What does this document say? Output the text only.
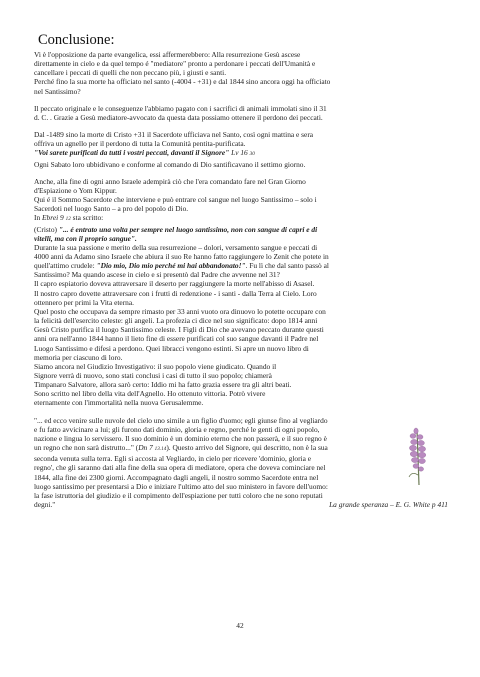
Conclusione:
Vi è l'opposizione da parte evangelica, essi affermerebbero: Alla resurrezione Gesù ascese
direttamente in cielo e da quel tempo é "mediatore" pronto a perdonare i peccati dell'Umanità e
cancellare i peccati di quelli che non peccano più, i giusti e santi.
Perché fino la sua morte ha officiato nel santo (-4004 - +31) e dal 1844 sino ancora oggi ha officiato
nel Santissimo?
Il peccato originale e le conseguenze l'abbiamo pagato con i sacrifici di animali immolati sino il 31
d. C. . Grazie a Gesù mediatore-avvocato da questa data possiamo ottenere il perdono dei peccati.
Dal -1489 sino la morte di Cristo +31 il Sacerdote ufficiava nel Santo, così ogni mattina e sera
offriva un agnello per il perdono di tutta la Comunità pentita-purificata.
"Voi sarete purificati da tutti i vostri peccati, davanti il Signore" Lv 16 30
Ogni Sabato loro ubbidivano e conforme al comando di Dio santificavano il settimo giorno.
Anche, alla fine di ogni anno Israele adempirà ciò che l'era comandato fare nel Gran Giorno
d'Espiazione o Yom Kippur.
Qui é il Sommo Sacerdote che interviene e può entrare col sangue nel luogo Santissimo – solo i
Sacerdoti nel luogo Santo – a pro del popolo di Dio.
In Ebrei 9 12 sta scritto:
(Cristo) "... é entrato una volta per sempre nel luogo santissimo, non con sangue di capri e di
vitelli, ma con il proprio sangue".
Durante la sua passione e merito della sua resurrezione – dolori, versamento sangue e peccati di
4000 anni da Adamo sino Israele che abiura il suo Re hanno fatto raggiungere lo Zenit che potete in
quell'attimo crudele: "Dio mio, Dio mio perché mi hai abbandonato!". Fu lì che dal santo passò al
Santissimo? Ma quando ascese in cielo e si presentò dal Padre che avvenne nel 31?
Il capro espiatorio doveva attraversare il deserto per raggiungere la morte nell'abisso di Asasel.
Il nostro capro dovette attraversare con i frutti di redenzione - i santi - dalla Terra al Cielo. Loro
ottennero per primi la Vita eterna.
Quel posto che occupava da sempre rimasto per 33 anni vuoto ora dinuovo lo potette occupare con
la felicità dell'esercito celeste: gli angeli. La profezia ci dice nel suo significato: dopo 1814 anni
Gesù Cristo purifica il luogo Santissimo celeste. I Figli di Dio che avevano peccato durante questi
anni ora nell'anno 1844 hanno il lieto fine di essere purificati col suo sangue davanti il Padre nel
Luogo Santissimo e difesi a perdono. Quei libracci vengono estinti. Si apre un nuovo libro di
memoria per ciascuno di loro.
Siamo ancora nel Giudizio Investigativo: il suo popolo viene giudicato. Quando il
Signore verrà di nuovo, sono stati conclusi i casi di tutto il suo popolo; chiamerà
Timpanaro Salvatore, allora sarò certo: Iddio mi ha fatto grazia essere tra gli altri beati.
Sono scritto nel libro della vita dell'Agnello. Ho ottenuto vittoria. Potrò vivere
eternamente con l'immortalità nella nuova Gerusalemme.
"... ed ecco venire sulle nuvole del cielo uno simile a un figlio d'uomo; egli giunse fino al vegliardo
e fu fatto avvicinare a lui; gli furono dati dominio, gloria e regno, perché le genti di ogni popolo,
nazione e lingua lo servissero. Il suo dominio è un dominio eterno che non passerà, e il suo regno è
un regno che non sarà distrutto..." (Dn 7 13.14). Questo arrivo del Signore, qui descritto, non è la sua
seconda venuta sulla terra. Egli si accosta al Vegliardo, in cielo per ricevere 'dominio, gloria e
regno', che gli saranno dati alla fine della sua opera di mediatore, opera che doveva cominciare nel
1844, alla fine dei 2300 giorni. Accompagnato dagli angeli, il nostro sommo Sacerdote entra nel
luogo santissimo per presentarsi a Dio e iniziare l'ultimo atto del suo ministero in favore dell'uomo:
la fase istruttoria del giudizio e il compimento dell'espiazione per tutti coloro che ne sono reputati
degni."	La grande speranza – E. G. White p 411
42
